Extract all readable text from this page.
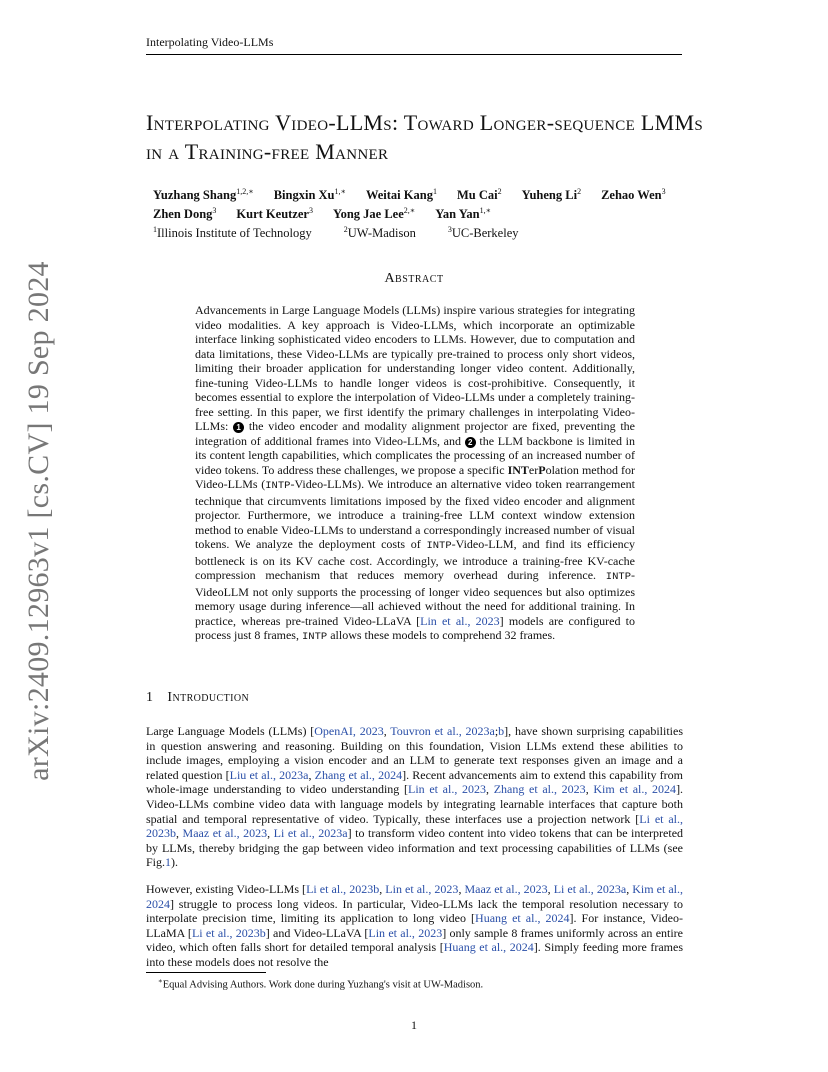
Interpolating Video-LLMs
arXiv:2409.12963v1 [cs.CV] 19 Sep 2024
Interpolating Video-LLMs: Toward Longer-sequence LMMs in a Training-free Manner
Yuzhang Shang$^{1,2,∗}$ Bingxin $Xu^{1,∗}$ Weitai Kang$^1$ Mu Cai$^2$ Yuheng Li$^2$ Zehao Wen$^3$
Zhen Dong$^3$ Kurt Keutzer$^3$ Yong Jae Lee$^{2,∗}$ Yan Yan$^{1,∗}$
$^1$Illinois Institute of Technology	$^2$UW-Madison	$^3$UC-Berkeley
Abstract
Advancements in Large Language Models (LLMs) inspire various strategies for integrating video modalities. A key approach is Video-LLMs, which incorporate an optimizable interface linking sophisticated video encoders to LLMs. However, due to computation and data limitations, these Video-LLMs are typically pre-trained to process only short videos, limiting their broader application for understanding longer video content. Additionally, fine-tuning Video-LLMs to handle longer videos is cost-prohibitive. Consequently, it becomes essential to explore the interpolation of Video-LLMs under a completely training-free setting. In this paper, we first identify the primary challenges in interpolating Video-LLMs: 1 the video encoder and modality alignment projector are fixed, preventing the integration of additional frames into Video-LLMs, and 2 the LLM backbone is limited in its content length capabilities, which complicates the processing of an increased number of video tokens. To address these challenges, we propose a specific INTerPolation method for Video-LLMs (INTP-Video-LLMs). We introduce an alternative video token rearrangement technique that circumvents limitations imposed by the fixed video encoder and alignment projector. Furthermore, we introduce a training-free LLM context window extension method to enable Video-LLMs to understand a correspondingly increased number of visual tokens. We analyze the deployment costs of INTP-Video-LLM, and find its efficiency bottleneck is on its KV cache cost. Accordingly, we introduce a training-free KV-cache compression mechanism that reduces memory overhead during inference. INTP-VideoLLM not only supports the processing of longer video sequences but also optimizes memory usage during inference—all achieved without the need for additional training. In practice, whereas pre-trained Video-LLaVA [Lin et al., 2023] models are configured to process just 8 frames, INTP allows these models to comprehend 32 frames.
1 Introduction
Large Language Models (LLMs) [OpenAI, 2023, Touvron et al., 2023a;b], have shown surprising capabilities in question answering and reasoning. Building on this foundation, Vision LLMs extend these abilities to include images, employing a vision encoder and an LLM to generate text responses given an image and a related question [Liu et al., 2023a, Zhang et al., 2024]. Recent advancements aim to extend this capability from whole-image understanding to video understanding [Lin et al., 2023, Zhang et al., 2023, Kim et al., 2024]. Video-LLMs combine video data with language models by integrating learnable interfaces that capture both spatial and temporal representative of video. Typically, these interfaces use a projection network [Li et al., 2023b, Maaz et al., 2023, Li et al., 2023a] to transform video content into video tokens that can be interpreted by LLMs, thereby bridging the gap between video information and text processing capabilities of LLMs (see Fig.1).
However, existing Video-LLMs [Li et al., 2023b, Lin et al., 2023, Maaz et al., 2023, Li et al., 2023a, Kim et al., 2024] struggle to process long videos. In particular, Video-LLMs lack the temporal resolution necessary to interpolate precision time, limiting its application to long video [Huang et al., 2024]. For instance, Video-LLaMA [Li et al., 2023b] and Video-LLaVA [Lin et al., 2023] only sample 8 frames uniformly across an entire video, which often falls short for detailed temporal analysis [Huang et al., 2024]. Simply feeding more frames into these models does not resolve the
∗Equal Advising Authors. Work done during Yuzhang's visit at UW-Madison.
1
